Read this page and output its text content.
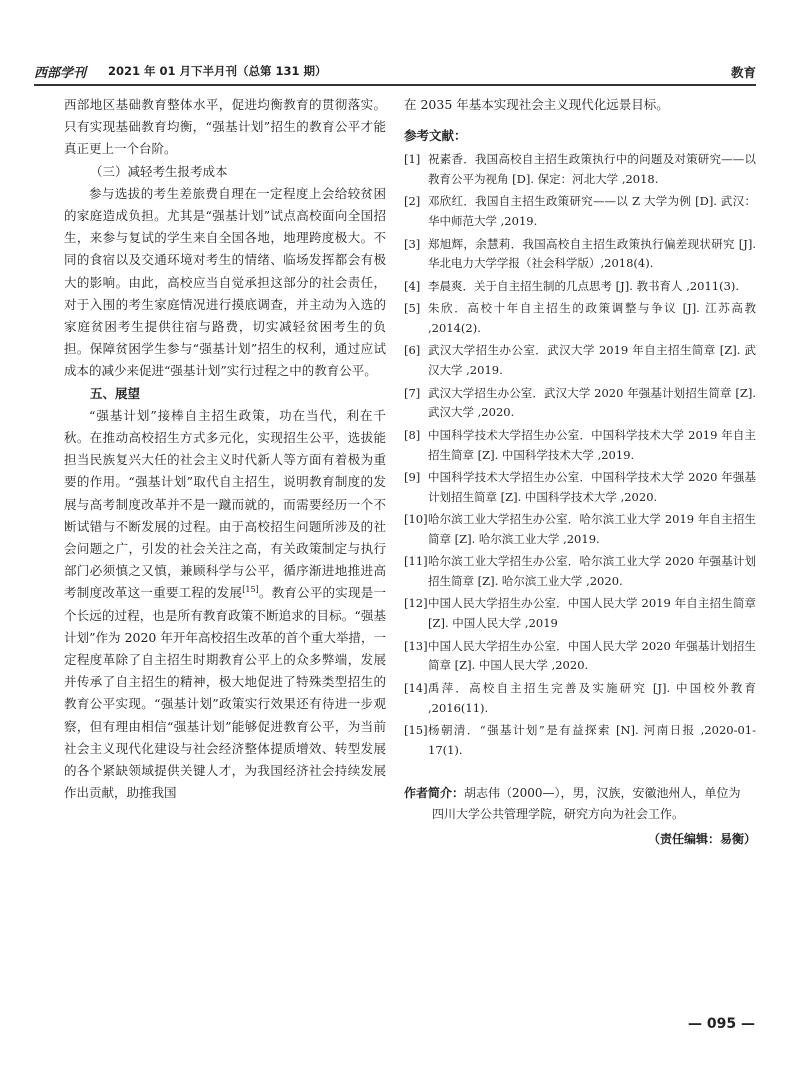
西部学刊 2021 年 01 月下半月刊（总第 131 期）	教育

西部地区基础教育整体水平，促进均衡教育的贯彻落实。只有实现基础教育均衡，“强基计划”招生的教育公平才能真正更上一个台阶。

（三）减轻考生报考成本

参与选拔的考生差旅费自理在一定程度上会给较贫困的家庭造成负担。尤其是“强基计划”试点高校面向全国招生，来参与复试的学生来自全国各地，地理跨度极大。不同的食宿以及交通环境对考生的情绪、临场发挥都会有极大的影响。由此，高校应当自觉承担这部分的社会责任，对于入围的考生家庭情况进行摸底调查，并主动为入选的家庭贫困考生提供往宿与路费，切实减轻贫困考生的负担。保障贫困学生参与“强基计划”招生的权利，通过应试成本的减少来促进“强基计划”实行过程之中的教育公平。

五、展望

“强基计划”接棒自主招生政策，功在当代，利在千秋。在推动高校招生方式多元化，实现招生公平，选拔能担当民族复兴大任的社会主义时代新人等方面有着极为重要的作用。“强基计划”取代自主招生，说明教育制度的发展与高考制度改革并不是一蹴而就的，而需要经历一个不断试错与不断发展的过程。由于高校招生问题所涉及的社会问题之广，引发的社会关注之高，有关政策制定与执行部门必须慎之又慎，兼顾科学与公平，循序渐进地推进高考制度改革这一重要工程的发展[15]。教育公平的实现是一个长远的过程，也是所有教育政策不断追求的目标。“强基计划”作为 2020 年开年高校招生改革的首个重大举措，一定程度革除了自主招生时期教育公平上的众多弊端，发展并传承了自主招生的精神，极大地促进了特殊类型招生的教育公平实现。“强基计划”政策实行效果还有待进一步观察，但有理由相信“强基计划”能够促进教育公平，为当前社会主义现代化建设与社会经济整体提质增效、转型发展的各个紧缺领域提供关键人才，为我国经济社会持续发展作出贡献，助推我国

在 2035 年基本实现社会主义现代化远景目标。

参考文献：
[1] 祝素香．我国高校自主招生政策执行中的问题及对策研究——以教育公平为视角 [D]. 保定：河北大学 ,2018.
[2] 邓欣红．我国自主招生政策研究——以 Z 大学为例 [D]. 武汉：华中师范大学 ,2019.
[3] 郑旭辉，余慧莉．我国高校自主招生政策执行偏差现状研究 [J]. 华北电力大学学报（社会科学版）,2018(4).
[4] 李晨爽．关于自主招生制的几点思考 [J]. 教书育人 ,2011(3).
[5] 朱欣．高校十年自主招生的政策调整与争议 [J]. 江苏高教 ,2014(2).
[6] 武汉大学招生办公室．武汉大学 2019 年自主招生简章 [Z]. 武汉大学 ,2019.
[7] 武汉大学招生办公室．武汉大学 2020 年强基计划招生简章 [Z]. 武汉大学 ,2020.
[8] 中国科学技术大学招生办公室．中国科学技术大学 2019 年自主招生简章 [Z]. 中国科学技术大学 ,2019.
[9] 中国科学技术大学招生办公室．中国科学技术大学 2020 年强基计划招生简章 [Z]. 中国科学技术大学 ,2020.
[10] 哈尔滨工业大学招生办公室．哈尔滨工业大学 2019 年自主招生简章 [Z]. 哈尔滨工业大学 ,2019.
[11] 哈尔滨工业大学招生办公室．哈尔滨工业大学 2020 年强基计划招生简章 [Z]. 哈尔滨工业大学 ,2020.
[12] 中国人民大学招生办公室．中国人民大学 2019 年自主招生简章 [Z]. 中国人民大学 ,2019
[13] 中国人民大学招生办公室．中国人民大学 2020 年强基计划招生简章 [Z]. 中国人民大学 ,2020.
[14] 禹萍．高校自主招生完善及实施研究 [J]. 中国校外教育 ,2016(11).
[15] 杨朝清．“强基计划”是有益探索 [N]. 河南日报 ,2020-01-17(1).
作者简介：胡志伟（2000—），男，汉族，安徽池州人，单位为
四川大学公共管理学院，研究方向为社会工作。
（责任编辑：易衡）
— 095 —
